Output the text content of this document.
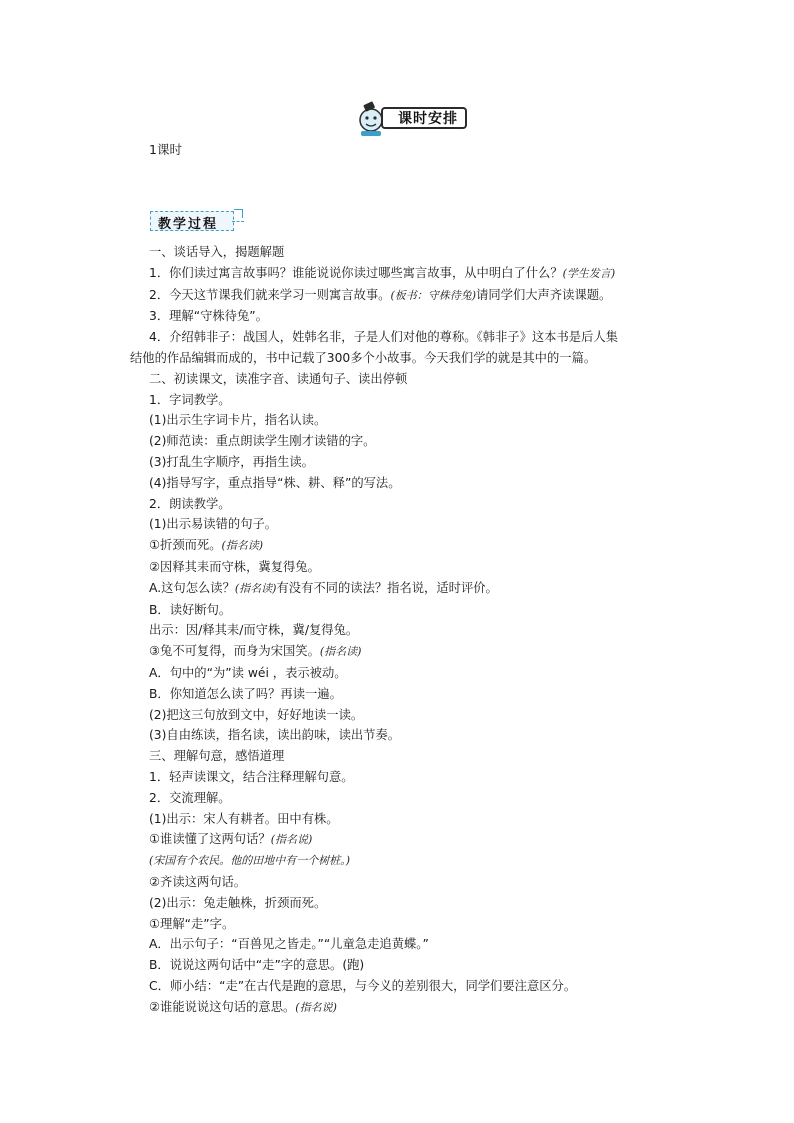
课时安排
1课时
教学过程

一、谈话导入，揭题解题

1．你们读过寓言故事吗？谁能说说你读过哪些寓言故事，从中明白了什么？(学生发言)

2．今天这节课我们就来学习一则寓言故事。(板书：守株待兔)请同学们大声齐读课题。

3．理解“守株待兔”。

4．介绍韩非子：战国人，姓韩名非，子是人们对他的尊称。《韩非子》这本书是后人集

结他的作品编辑而成的，书中记载了300多个小故事。今天我们学的就是其中的一篇。

二、初读课文，读准字音、读通句子、读出停顿

1．字词教学。

(1)出示生字词卡片，指名认读。

(2)师范读：重点朗读学生刚才读错的字。

(3)打乱生字顺序，再指生读。

(4)指导写字，重点指导“株、耕、释”的写法。

2．朗读教学。

(1)出示易读错的句子。

①折颈而死。(指名读)

②因释其耒而守株，冀复得兔。

A.这句怎么读？(指名读)有没有不同的读法？指名说，适时评价。

B．读好断句。

出示：因/释其耒/而守株，冀/复得兔。

③兔不可复得，而身为宋国笑。(指名读)

A．句中的“为”读 wéi ，表示被动。

B．你知道怎么读了吗？再读一遍。

(2)把这三句放到文中，好好地读一读。

(3)自由练读，指名读，读出韵味，读出节奏。

三、理解句意，感悟道理

1．轻声读课文，结合注释理解句意。

2．交流理解。

(1)出示：宋人有耕者。田中有株。

①谁读懂了这两句话？(指名说)

(宋国有个农民。他的田地中有一个树桩。)

②齐读这两句话。

(2)出示：兔走触株，折颈而死。

①理解“走”字。

A．出示句子：“百兽见之皆走。”“儿童急走追黄蝶。”

B．说说这两句话中“走”字的意思。(跑)

C．师小结：“走”在古代是跑的意思，与今义的差别很大，同学们要注意区分。

②谁能说说这句话的意思。(指名说)
